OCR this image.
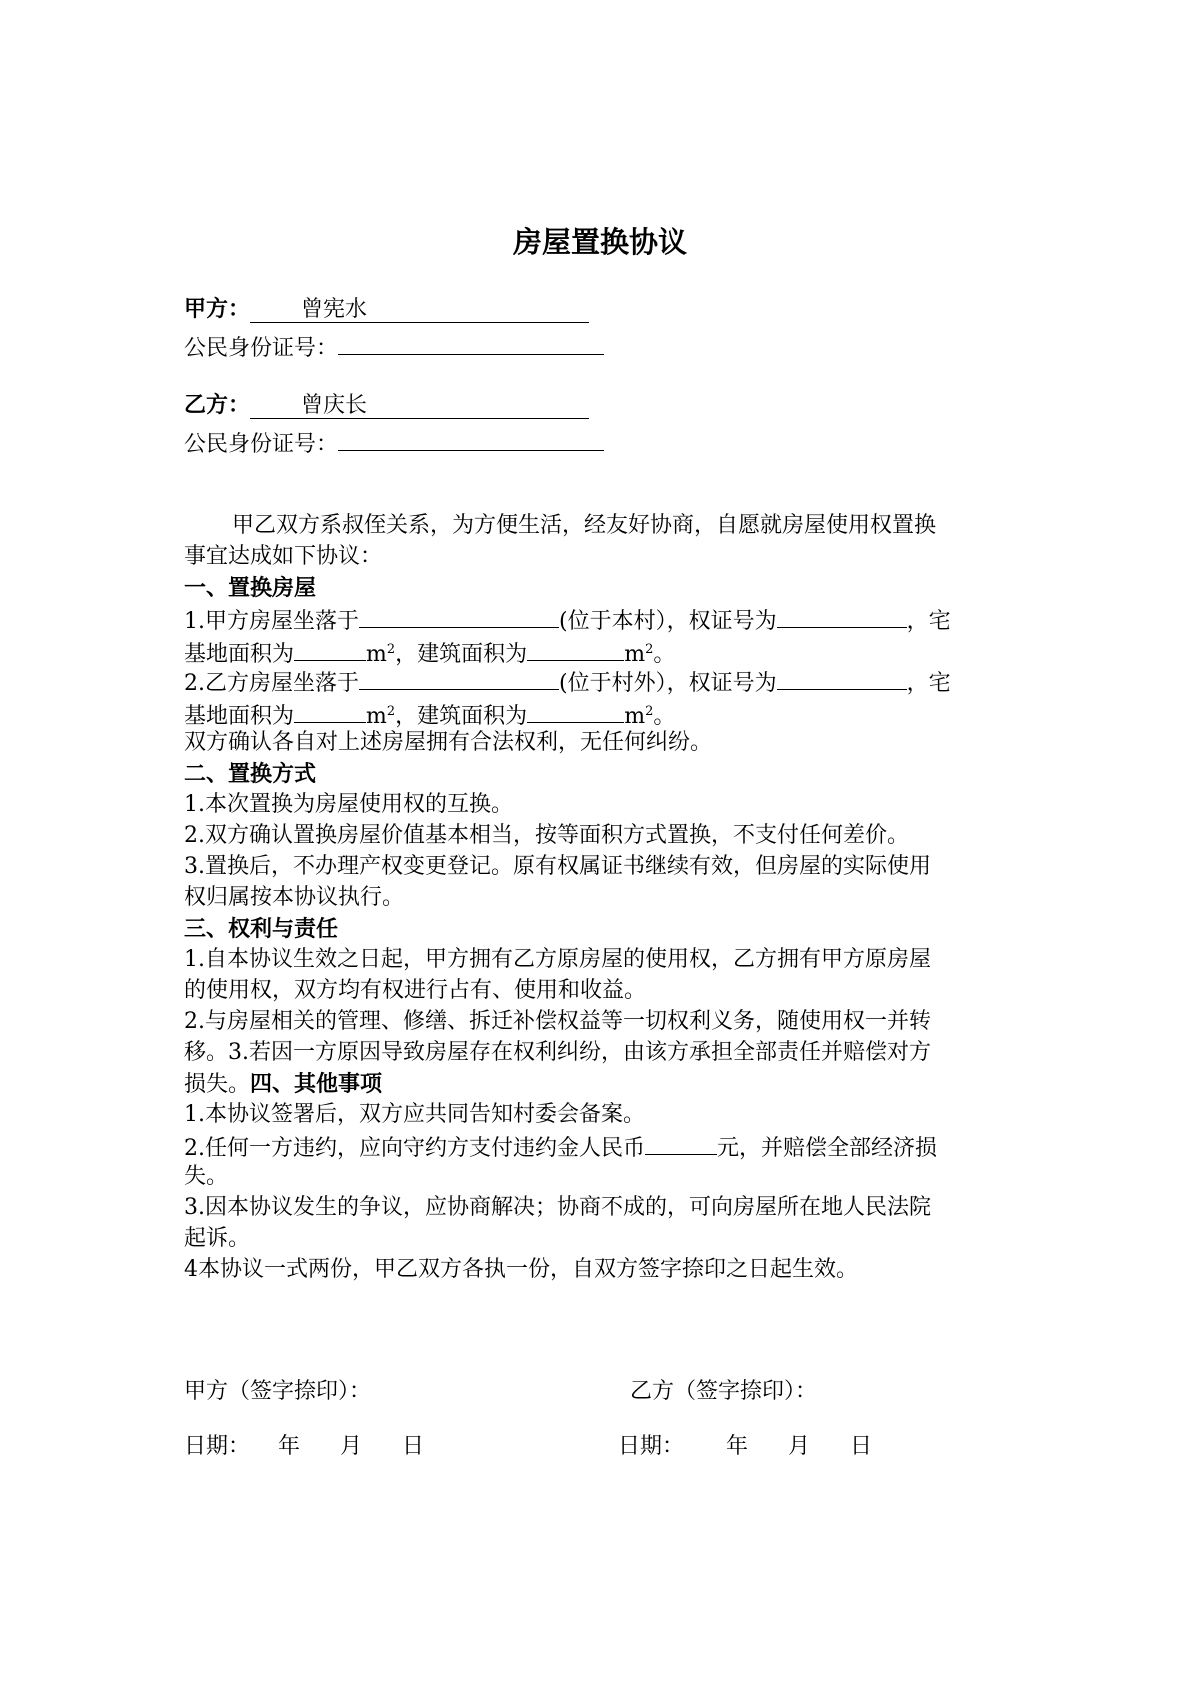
房屋置换协议
甲方： 曾宪水
公民身份证号：
乙方： 曾庆长
公民身份证号：
甲乙双方系叔侄关系，为方便生活，经友好协商，自愿就房屋使用权置换
事宜达成如下协议：
一、置换房屋
1.甲方房屋坐落于	(位于本村），权证号为	，宅
基地面积为	$m^2$，建筑面积为	$m^2$。
2.乙方房屋坐落于	(位于村外），权证号为	，宅
基地面积为	$m^2$，建筑面积为	$m^2$。
双方确认各自对上述房屋拥有合法权利，无任何纠纷。
二、置换方式
1.本次置换为房屋使用权的互换。
2.双方确认置换房屋价值基本相当，按等面积方式置换，不支付任何差价。
3.置换后，不办理产权变更登记。原有权属证书继续有效，但房屋的实际使用
权归属按本协议执行。
三、权利与责任
1.自本协议生效之日起，甲方拥有乙方原房屋的使用权，乙方拥有甲方原房屋
的使用权，双方均有权进行占有、使用和收益。
2.与房屋相关的管理、修缮、拆迁补偿权益等一切权利义务，随使用权一并转
移。3.若因一方原因导致房屋存在权利纠纷，由该方承担全部责任并赔偿对方
损失。四、其他事项
1.本协议签署后，双方应共同告知村委会备案。
2.任何一方违约，应向守约方支付违约金人民币	元，并赔偿全部经济损
失。
3.因本协议发生的争议，应协商解决；协商不成的，可向房屋所在地人民法院
起诉。
4本协议一式两份，甲乙双方各执一份，自双方签字捺印之日起生效。
甲方（签字捺印）：	乙方（签字捺印）：
日期： 年 月 日	日期： 年 月 日
